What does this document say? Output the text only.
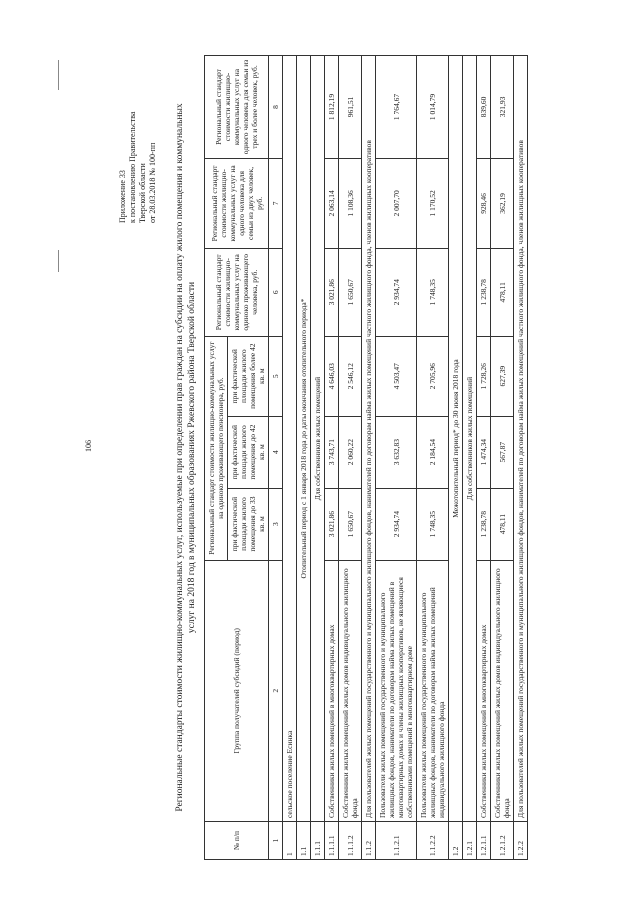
106
Приложение 33 к постановлению Правительства Тверской области от 28.03.2018 № 100-пп Региональные стандарты стоимости жилищно-коммунальных услуг, используемые при определении прав граждан на субсидии на оплату жилого помещения и коммунальных услуг на 2018 год в муниципальных образованиях Ржевского района Тверской области
№ п/п	Группа получателей субсидий (период)	Региональный стандарт стоимости жилищно-коммунальных услуг на одиноко проживающего пенсионера, руб.			Региональный стандарт стоимости жилищно-коммунальных услуг на одиноко проживающего человека, руб.	Региональный стандарт стоимости жилищно-коммунальных услуг на одного человека для семьи из двух человек, руб.	Региональный стандарт стоимости жилищно-коммунальных услуг на одного человека для семьи из трех и более человек, руб.
		при фактической площади жилого помещения до 33 кв. м	при фактической площади жилого помещения до 42 кв. м	при фактической площади жилого помещения более 42 кв. м			
1	2	3	4	5	6	7	8
1	сельское поселение Есинка						
1.1	Отопительный период с 1 января 2018 года до даты окончания отопительного периода*						
1.1.1	Для собственников жилых помещений						
1.1.1.1	Собственники жилых помещений в многоквартирных домах	3 021,86	3 743,71	4 646,03	3 021,86	2 063,14	1 812,19
1.1.1.2	Собственники жилых помещений жилых домов индивидуального жилищного фонда	1 650,67	2 060,22	2 546,12	1 650,67	1 108,36	961,51
1.1.2	Для пользователей жилых помещений государственного и муниципального жилищного фондов, нанимателей по договорам найма жилых помещений частного жилищного фонда, членов жилищных кооперативов						
1.1.2.1	Пользователи жилых помещений государственного и муниципального жилищных фондов, наниматели по договорам найма жилых помещений в многоквартирных домах и члены жилищных кооперативов, не являющиеся собственниками помещений в многоквартирном доме	2 934,74	3 632,83	4 503,47	2 934,74	2 007,70	1 764,67
1.1.2.2	Пользователи жилых помещений государственного и муниципального жилищных фондов, наниматели по договорам найма жилых помещений индивидуального жилищного фонда	1 748,35	2 184,54	2 705,96	1 748,35	1 170,52	1 014,79
1.2	Межотопительный период* до 30 июня 2018 года						
1.2.1	Для собственников жилых помещений						
1.2.1.1	Собственники жилых помещений в многоквартирных домах	1 238,78	1 474,34	1 728,26	1 238,78	928,46	839,60
1.2.1.2	Собственники жилых помещений жилых домов индивидуального жилищного фонда	478,11	567,87	627,39	478,11	362,19	321,93
1.2.2	Для пользователей жилых помещений государственного и муниципального жилищного фондов, нанимателей по договорам найма жилых помещений частного жилищного фонда, членов жилищных кооперативов						
